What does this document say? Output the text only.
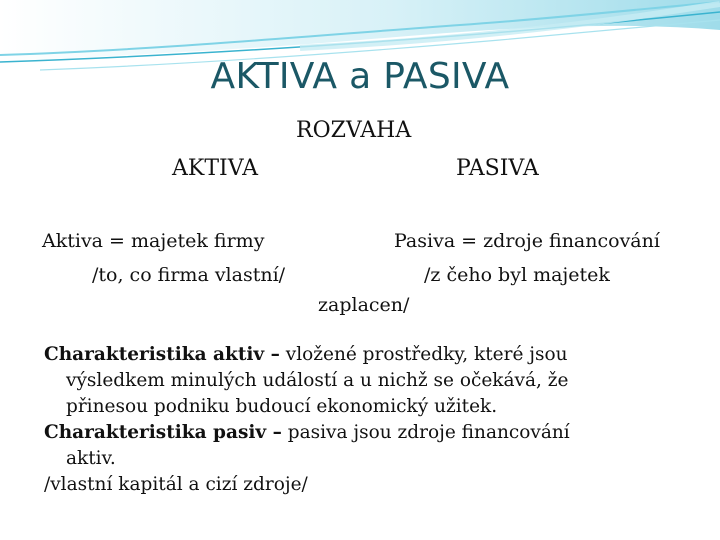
AKTIVA a PASIVA
ROZVAHA
AKTIVA	PASIVA
Aktiva = majetek firmy
/to, co firma vlastní/
Pasiva = zdroje financování
/z čeho byl majetek
zaplacen/
Charakteristika aktiv – vložené prostředky, které jsou
výsledkem minulých událostí a u nichž se očekává, že
přinesou podniku budoucí ekonomický užitek.
Charakteristika pasiv – pasiva jsou zdroje financování
aktiv.
/vlastní kapitál a cizí zdroje/
